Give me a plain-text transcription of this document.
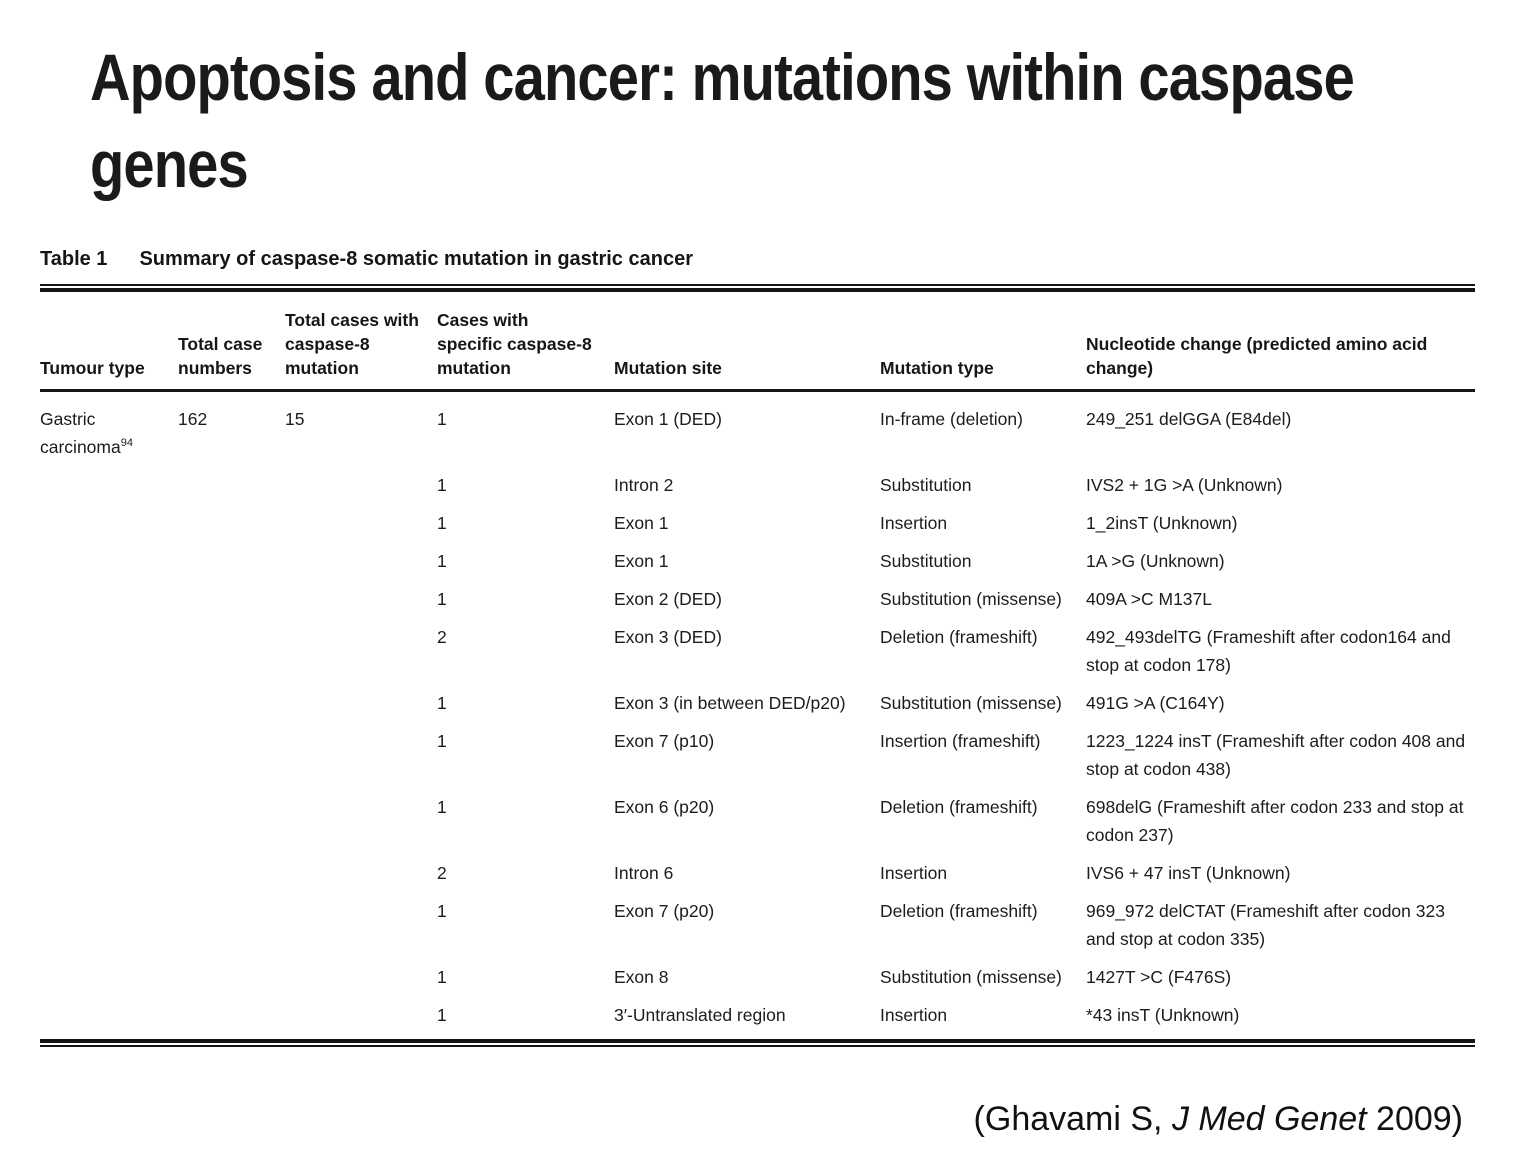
Apoptosis and cancer: mutations within caspase
genes
Table 1 Summary of caspase-8 somatic mutation in gastric cancer
Tumour type	Total case numbers	Total cases with caspase-8 mutation	Cases with specific caspase-8 mutation	Mutation site	Mutation type	Nucleotide change (predicted amino acid change)
Gastric carcinoma$^{94}$	162	15	1	Exon 1 (DED)	In-frame (deletion)	249_251 delGGA (E84del)
			1	Intron 2	Substitution	IVS2 + 1G >A (Unknown)
			1	Exon 1	Insertion	1_2insT (Unknown)
			1	Exon 1	Substitution	1A >G (Unknown)
			1	Exon 2 (DED)	Substitution (missense)	409A >C M137L
			2	Exon 3 (DED)	Deletion (frameshift)	492_493delTG (Frameshift after codon164 and stop at codon 178)
			1	Exon 3 (in between DED/p20)	Substitution (missense)	491G >A (C164Y)
			1	Exon 7 (p10)	Insertion (frameshift)	1223_1224 insT (Frameshift after codon 408 and stop at codon 438)
			1	Exon 6 (p20)	Deletion (frameshift)	698delG (Frameshift after codon 233 and stop at codon 237)
			2	Intron 6	Insertion	IVS6 + 47 insT (Unknown)
			1	Exon 7 (p20)	Deletion (frameshift)	969_972 delCTAT (Frameshift after codon 323 and stop at codon 335)
			1	Exon 8	Substitution (missense)	1427T >C (F476S)
			1	3′-Untranslated region	Insertion	*43 insT (Unknown)
(Ghavami S, J Med Genet 2009)
